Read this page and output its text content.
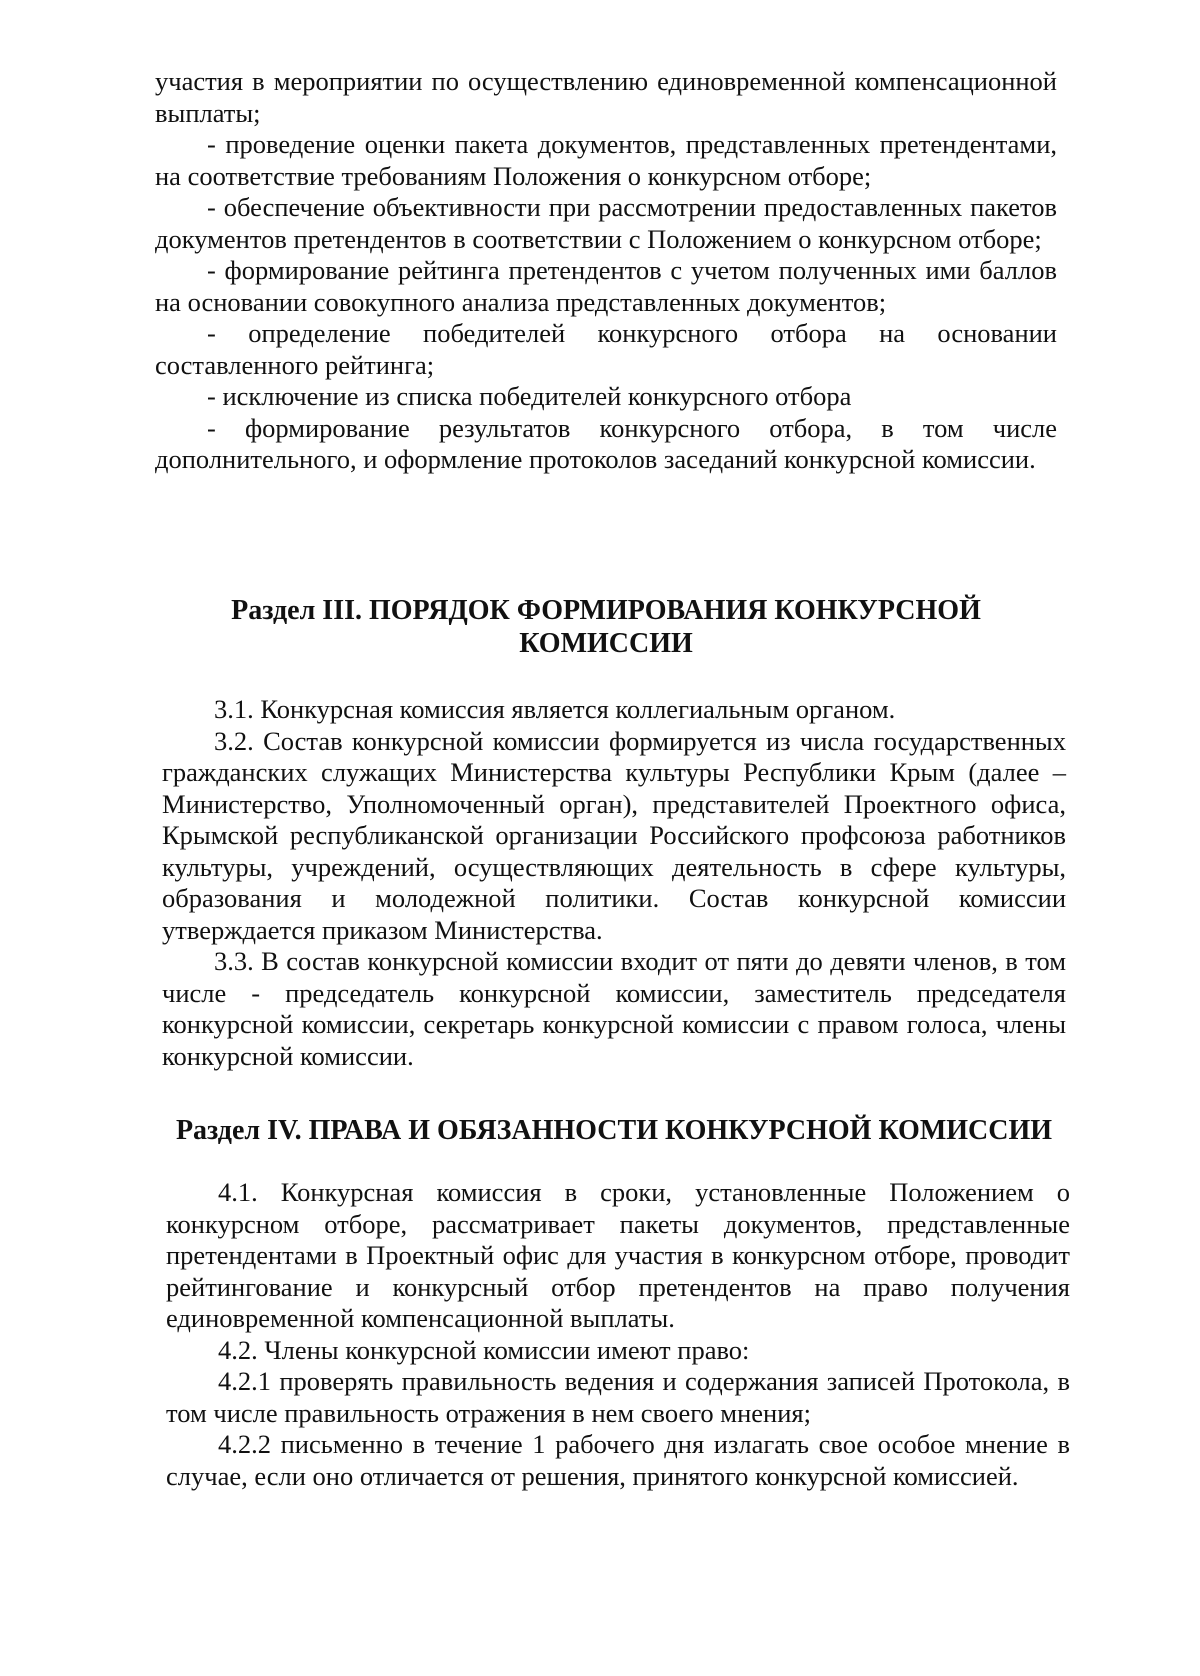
участия в мероприятии по осуществлению единовременной компенсационной выплаты;

- проведение оценки пакета документов, представленных претендентами, на соответствие требованиям Положения о конкурсном отборе;

- обеспечение объективности при рассмотрении предоставленных пакетов документов претендентов в соответствии с Положением о конкурсном отборе;

- формирование рейтинга претендентов с учетом полученных ими баллов на основании совокупного анализа представленных документов;

- определение победителей конкурсного отбора на основании составленного рейтинга;

- исключение из списка победителей конкурсного отбора

- формирование результатов конкурсного отбора, в том числе дополнительного, и оформление протоколов заседаний конкурсной комиссии.

Раздел III. ПОРЯДОК ФОРМИРОВАНИЯ КОНКУРСНОЙ
КОМИССИИ

3.1. Конкурсная комиссия является коллегиальным органом.

3.2. Состав конкурсной комиссии формируется из числа государственных гражданских служащих Министерства культуры Республики Крым (далее – Министерство, Уполномоченный орган), представителей Проектного офиса, Крымской республиканской организации Российского профсоюза работников культуры, учреждений, осуществляющих деятельность в сфере культуры, образования и молодежной политики. Состав конкурсной комиссии утверждается приказом Министерства.

3.3. В состав конкурсной комиссии входит от пяти до девяти членов, в том числе - председатель конкурсной комиссии, заместитель председателя конкурсной комиссии, секретарь конкурсной комиссии с правом голоса, члены конкурсной комиссии.

Раздел IV. ПРАВА И ОБЯЗАННОСТИ КОНКУРСНОЙ КОМИССИИ

4.1. Конкурсная комиссия в сроки, установленные Положением о конкурсном отборе, рассматривает пакеты документов, представленные претендентами в Проектный офис для участия в конкурсном отборе, проводит рейтингование и конкурсный отбор претендентов на право получения единовременной компенсационной выплаты.

4.2. Члены конкурсной комиссии имеют право:

4.2.1 проверять правильность ведения и содержания записей Протокола, в том числе правильность отражения в нем своего мнения;

4.2.2 письменно в течение 1 рабочего дня излагать свое особое мнение в случае, если оно отличается от решения, принятого конкурсной комиссией.
